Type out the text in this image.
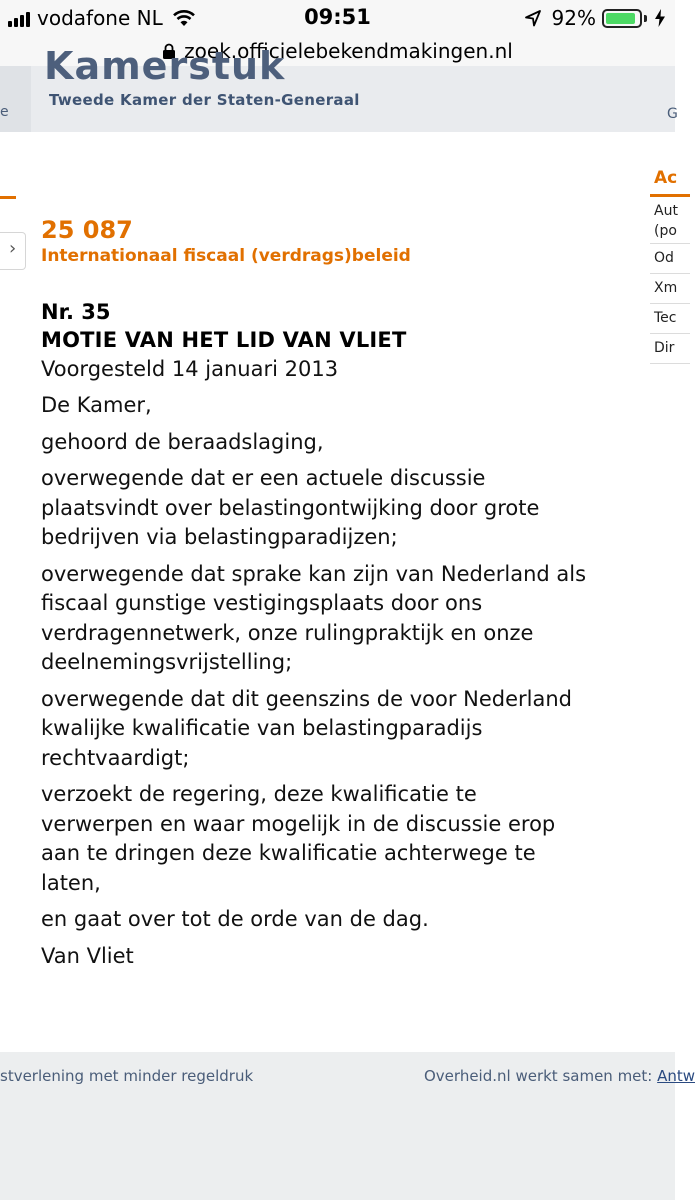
vodafone NL	09:51	92%
zoek.officielebekendmakingen.nl
e
Kamerstuk
Tweede Kamer der Staten-Generaal
G
›
Ac
Aut (po
Od
Xm
Tec
Dir
25 087
Internationaal fiscaal (verdrags)beleid
Nr. 35
MOTIE VAN HET LID VAN VLIET
Voorgesteld 14 januari 2013
De Kamer,
gehoord de beraadslaging,
overwegende dat er een actuele discussie
plaatsvindt over belastingontwijking door grote
bedrijven via belastingparadijzen;
overwegende dat sprake kan zijn van Nederland als
fiscaal gunstige vestigingsplaats door ons
verdragennetwerk, onze rulingpraktijk en onze
deelnemingsvrijstelling;
overwegende dat dit geenszins de voor Nederland
kwalijke kwalificatie van belastingparadijs
rechtvaardigt;
verzoekt de regering, deze kwalificatie te
verwerpen en waar mogelijk in de discussie erop
aan te dringen deze kwalificatie achterwege te
laten,
en gaat over tot de orde van de dag.
Van Vliet
stverlening met minder regeldruk	Overheid.nl werkt samen met: Antw
